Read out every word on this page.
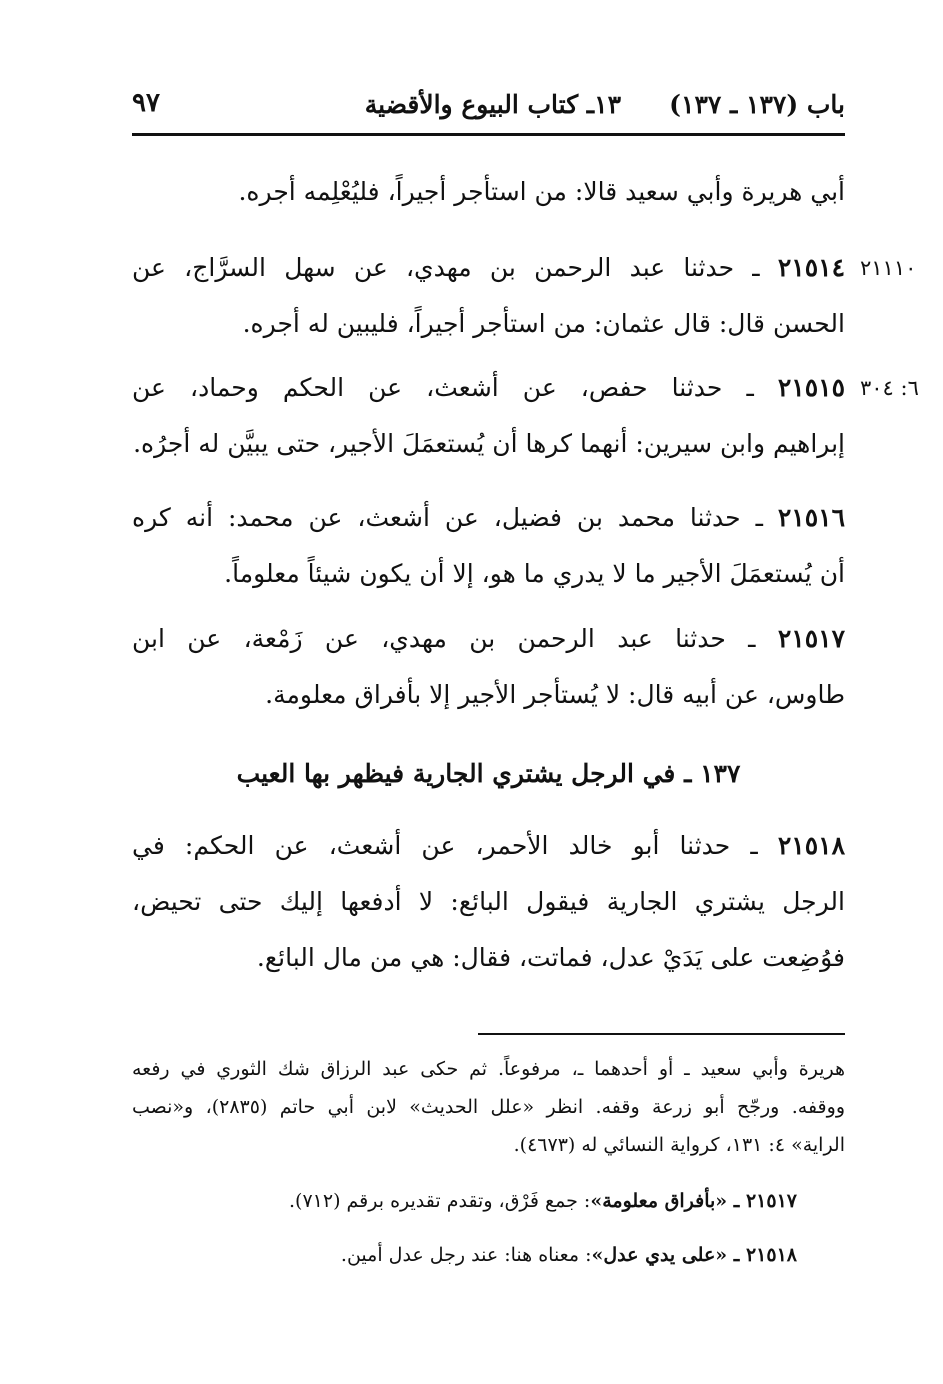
باب (١٣٧ ـ ١٣٧)
١٣ـ كتاب البيوع والأقضية
٩٧
أبي هريرة وأبي سعيد قالا: من استأجر أجيراً، فليُعْلِمه أجره.
٢١١١٠
٢١٥١٤ ـ حدثنا عبد الرحمن بن مهدي، عن سهل السرَّاج، عن
الحسن قال: قال عثمان: من استأجر أجيراً، فليبين له أجره.
٦: ٣٠٤
٢١٥١٥ ـ حدثنا حفص، عن أشعث، عن الحكم وحماد، عن
إبراهيم وابن سيرين: أنهما كرها أن يُستعمَلَ الأجير، حتى يبيَّن له أجرُه.
٢١٥١٦ ـ حدثنا محمد بن فضيل، عن أشعث، عن محمد: أنه كره
أن يُستعمَلَ الأجير ما لا يدري ما هو، إلا أن يكون شيئاً معلوماً.
٢١٥١٧ ـ حدثنا عبد الرحمن بن مهدي، عن زَمْعة، عن ابن
طاوس، عن أبيه قال: لا يُستأجر الأجير إلا بأفراق معلومة.
١٣٧ ـ في الرجل يشتري الجارية فيظهر بها العيب
٢١٥١٨ ـ حدثنا أبو خالد الأحمر، عن أشعث، عن الحكم: في
الرجل يشتري الجارية فيقول البائع: لا أدفعها إليك حتى تحيض،
فوُضِعت على يَدَيْ عدل، فماتت، فقال: هي من مال البائع.
هريرة وأبي سعيد ـ أو أحدهما ـ، مرفوعاً. ثم حكى عبد الرزاق شك الثوري في رفعه
ووقفه. ورجّح أبو زرعة وقفه. انظر «علل الحديث» لابن أبي حاتم (٢٨٣٥)، و«نصب
الراية» ٤: ١٣١، كرواية النسائي له (٤٦٧٣).
٢١٥١٧ ـ «بأفراق معلومة»: جمع فَرْق، وتقدم تقديره برقم (٧١٢).
٢١٥١٨ ـ «على يدي عدل»: معناه هنا: عند رجل عدل أمين.
